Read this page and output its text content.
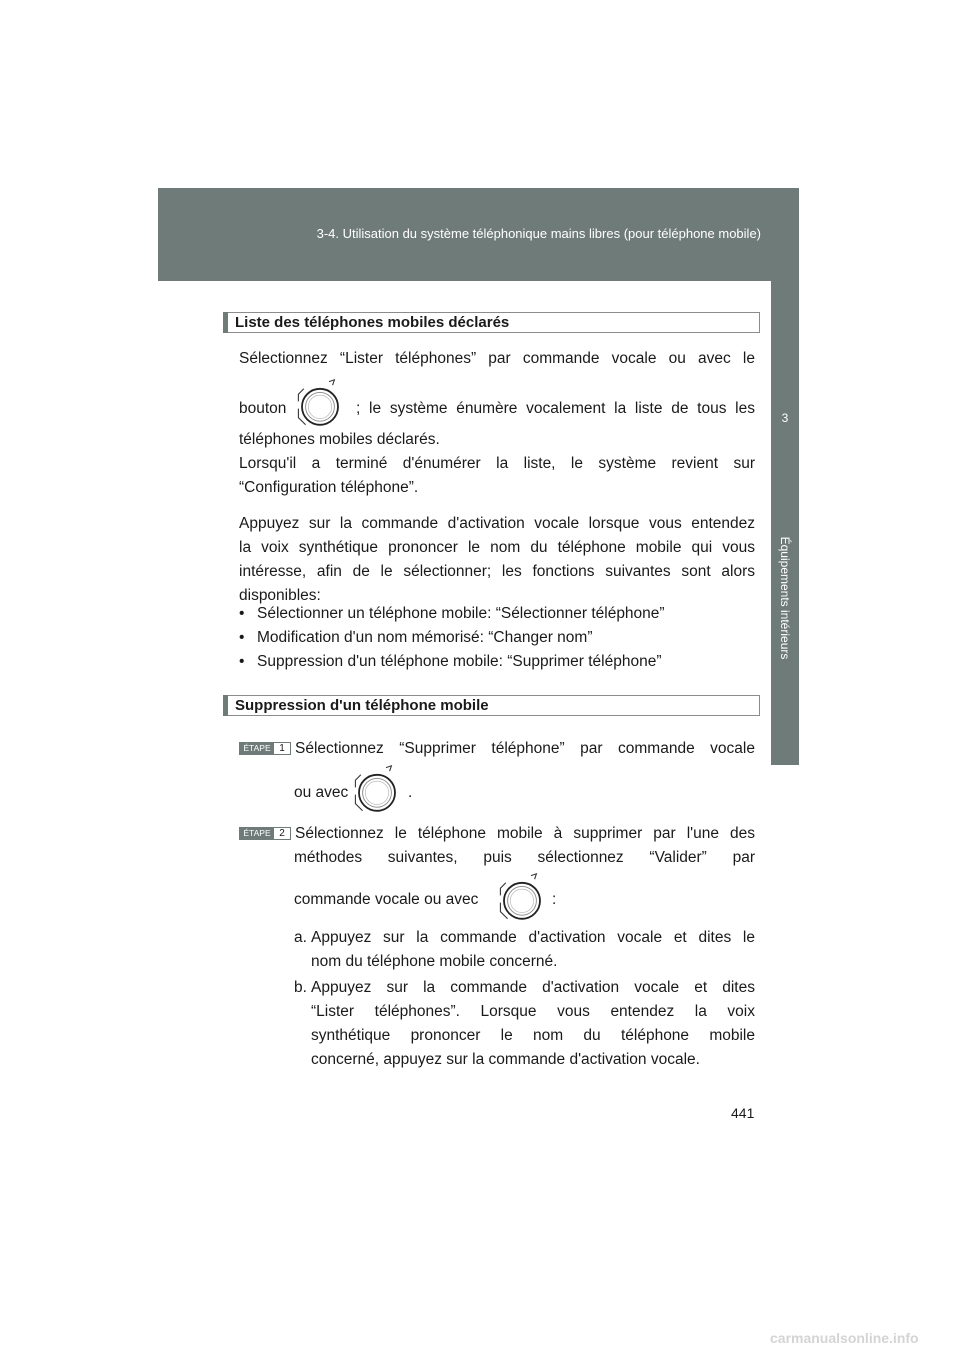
3-4. Utilisation du système téléphonique mains libres (pour téléphone mobile)
3
Équipements intérieurs
Liste des téléphones mobiles déclarés
Sélectionnez “Lister téléphones” par commande vocale ou avec le
bouton	; le système énumère vocalement la liste de tous les
téléphones mobiles déclarés.
Lorsqu'il a terminé d'énumérer la liste, le système revient sur
“Configuration téléphone”.
Appuyez sur la commande d'activation vocale lorsque vous entendez
la voix synthétique prononcer le nom du téléphone mobile qui vous
intéresse, afin de le sélectionner; les fonctions suivantes sont alors
disponibles:
• Sélectionner un téléphone mobile: “Sélectionner téléphone”
• Modification d'un nom mémorisé: “Changer nom”
• Suppression d'un téléphone mobile: “Supprimer téléphone”
Suppression d'un téléphone mobile
ÉTAPE 1 Sélectionnez “Supprimer téléphone” par commande vocale
ou avec	.
ÉTAPE 2 Sélectionnez le téléphone mobile à supprimer par l'une des
méthodes suivantes, puis sélectionnez “Valider” par
commande vocale ou avec	:
a. Appuyez sur la commande d'activation vocale et dites le
nom du téléphone mobile concerné.
b. Appuyez sur la commande d'activation vocale et dites
“Lister téléphones”. Lorsque vous entendez la voix
synthétique prononcer le nom du téléphone mobile
concerné, appuyez sur la commande d'activation vocale.
441
carmanualsonline.info
